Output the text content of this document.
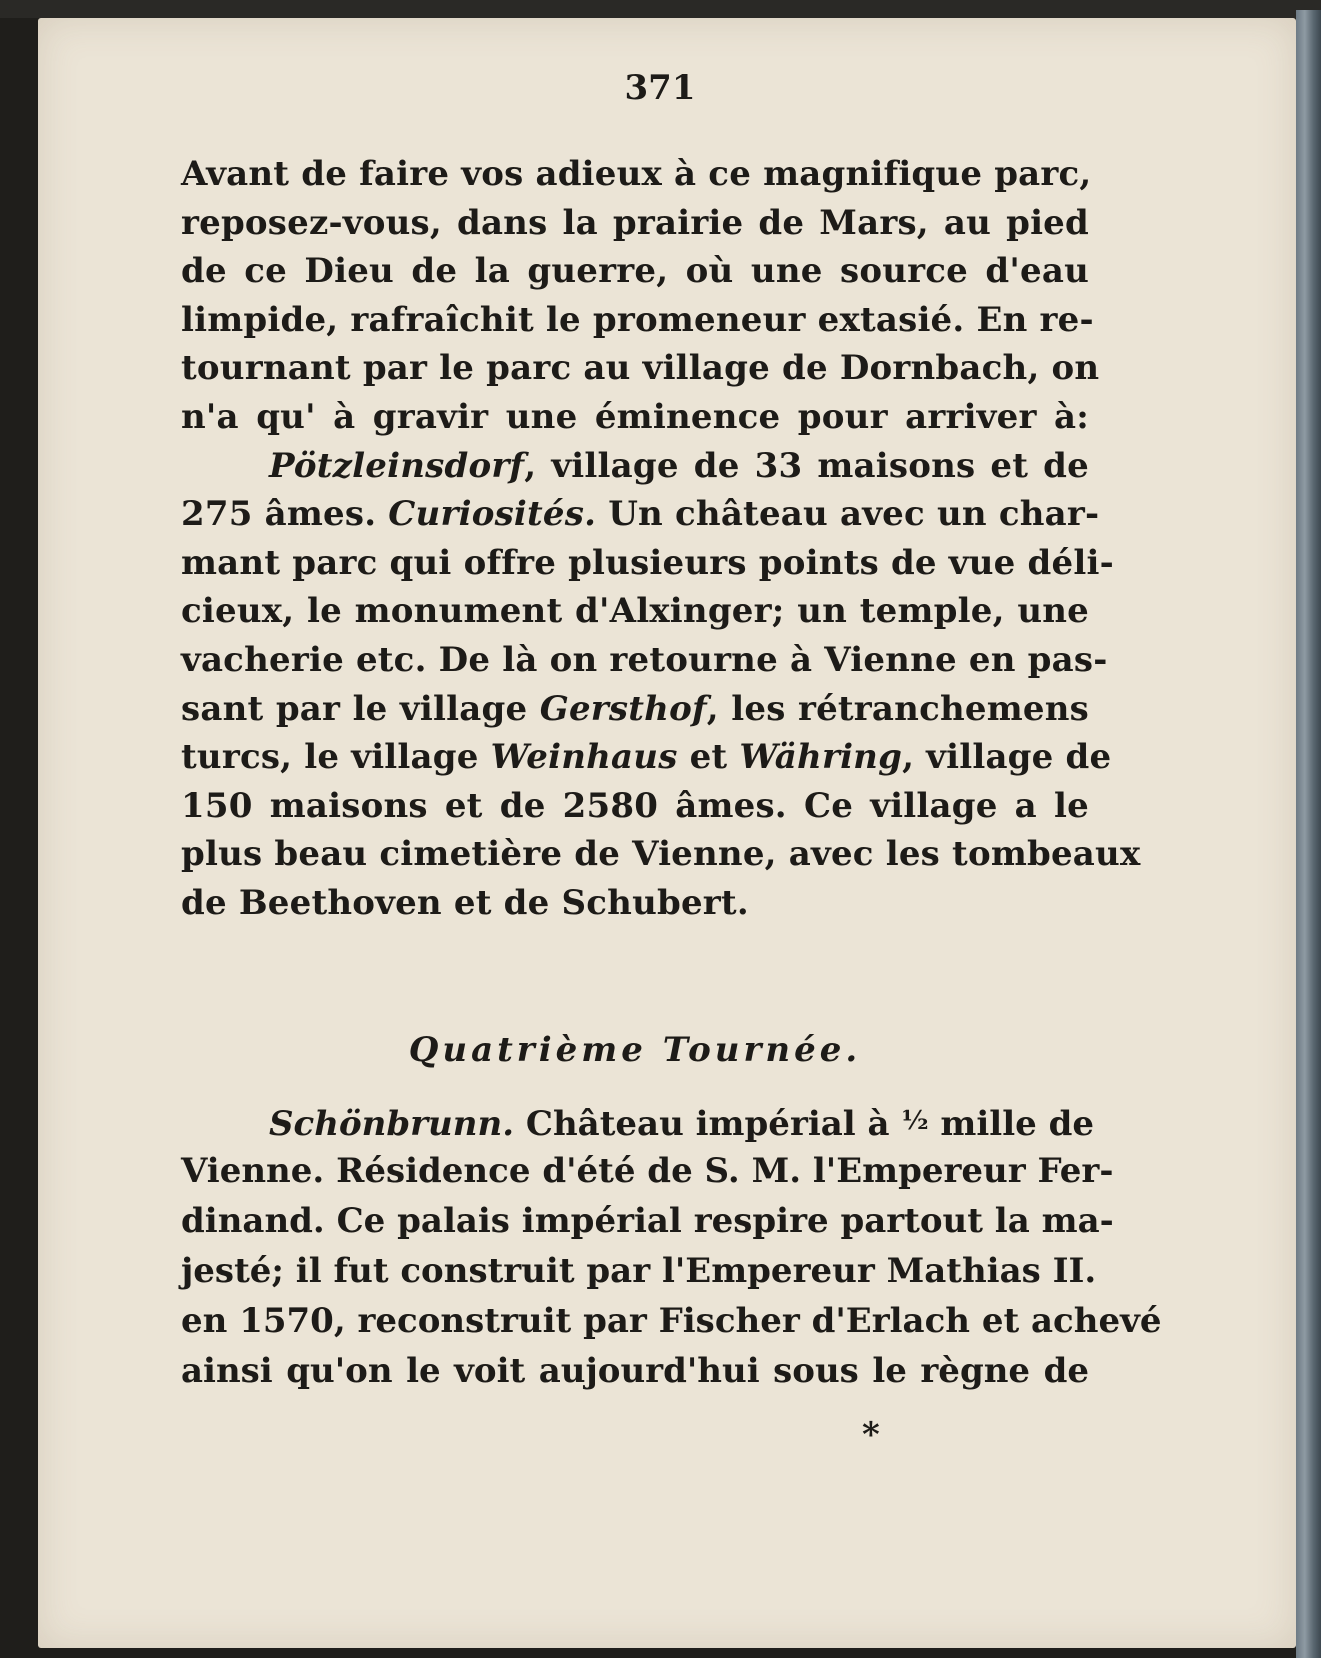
371
Avant de faire vos adieux à ce magnifique parc,
reposez-vous, dans la prairie de Mars, au pied
de ce Dieu de la guerre, où une source d'eau
limpide, rafraîchit le promeneur extasié. En re-
tournant par le parc au village de Dornbach, on
n'a qu' à gravir une éminence pour arriver à:
Pötzleinsdorf, village de 33 maisons et de
275 âmes. Curiosités. Un château avec un char-
mant parc qui offre plusieurs points de vue déli-
cieux, le monument d'Alxinger; un temple, une
vacherie etc. De là on retourne à Vienne en pas-
sant par le village Gersthof, les rétranchemens
turcs, le village Weinhaus et Währing, village de
150 maisons et de 2580 âmes. Ce village a le
plus beau cimetière de Vienne, avec les tombeaux
de Beethoven et de Schubert.
Quatrième Tournée.
Schönbrunn. Château impérial à ½ mille de
Vienne. Résidence d'été de S. M. l'Empereur Fer-
dinand. Ce palais impérial respire partout la ma-
jesté; il fut construit par l'Empereur Mathias II.
en 1570, reconstruit par Fischer d'Erlach et achevé
ainsi qu'on le voit aujourd'hui sous le règne de
*
